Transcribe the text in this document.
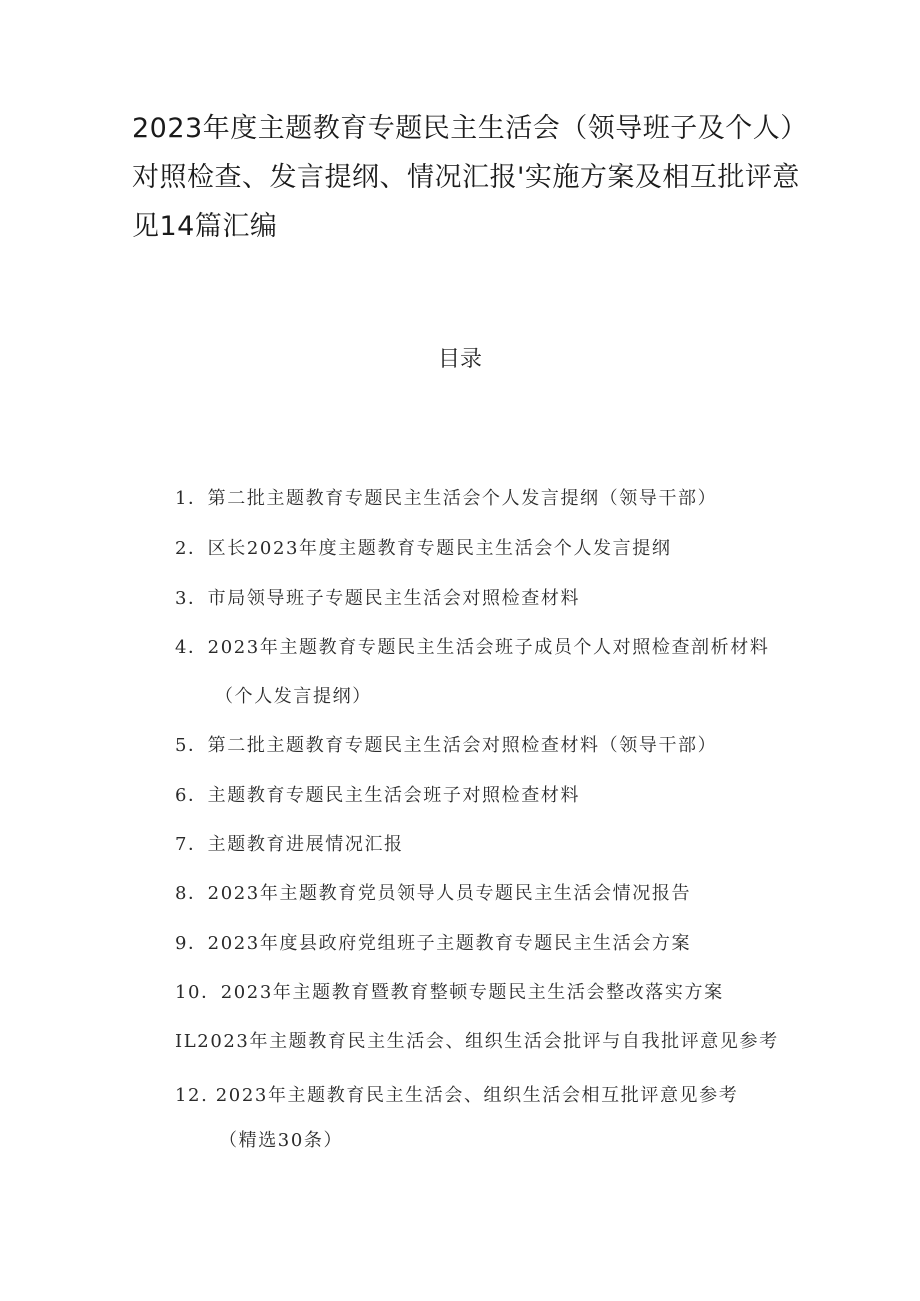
2023年度主题教育专题民主生活会（领导班子及个人）对照检查、发言提纲、情况汇报'实施方案及相互批评意见14篇汇编
目录

1．第二批主题教育专题民主生活会个人发言提纲（领导干部）

2．区长2023年度主题教育专题民主生活会个人发言提纲

3．市局领导班子专题民主生活会对照检查材料

4．2023年主题教育专题民主生活会班子成员个人对照检查剖析材料

（个人发言提纲）

5．第二批主题教育专题民主生活会对照检查材料（领导干部）

6．主题教育专题民主生活会班子对照检查材料

7．主题教育进展情况汇报

8．2023年主题教育党员领导人员专题民主生活会情况报告

9．2023年度县政府党组班子主题教育专题民主生活会方案

10．2023年主题教育暨教育整顿专题民主生活会整改落实方案

IL2023年主题教育民主生活会、组织生活会批评与自我批评意见参考

12. 2023年主题教育民主生活会、组织生活会相互批评意见参考

（精选30条）
